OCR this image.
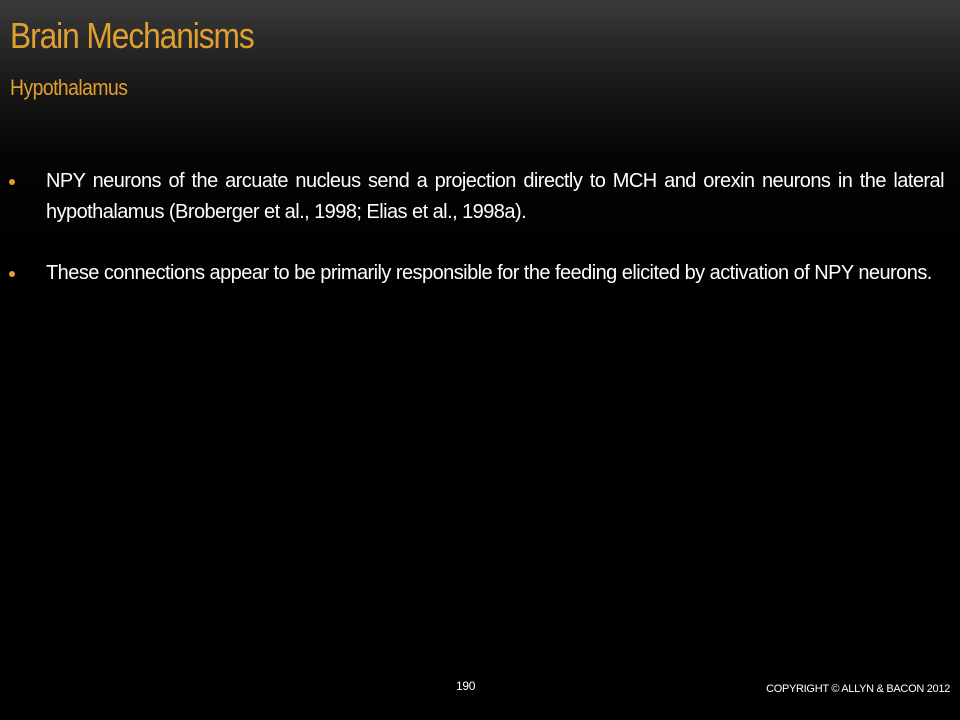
Brain Mechanisms
Hypothalamus
NPY neurons of the arcuate nucleus send a projection directly to MCH and orexin neurons in the lateral hypothalamus (Broberger et al., 1998; Elias et al., 1998a).
These connections appear to be primarily responsible for the feeding elicited by activation of NPY neurons.
190	COPYRIGHT © ALLYN & BACON 2012
